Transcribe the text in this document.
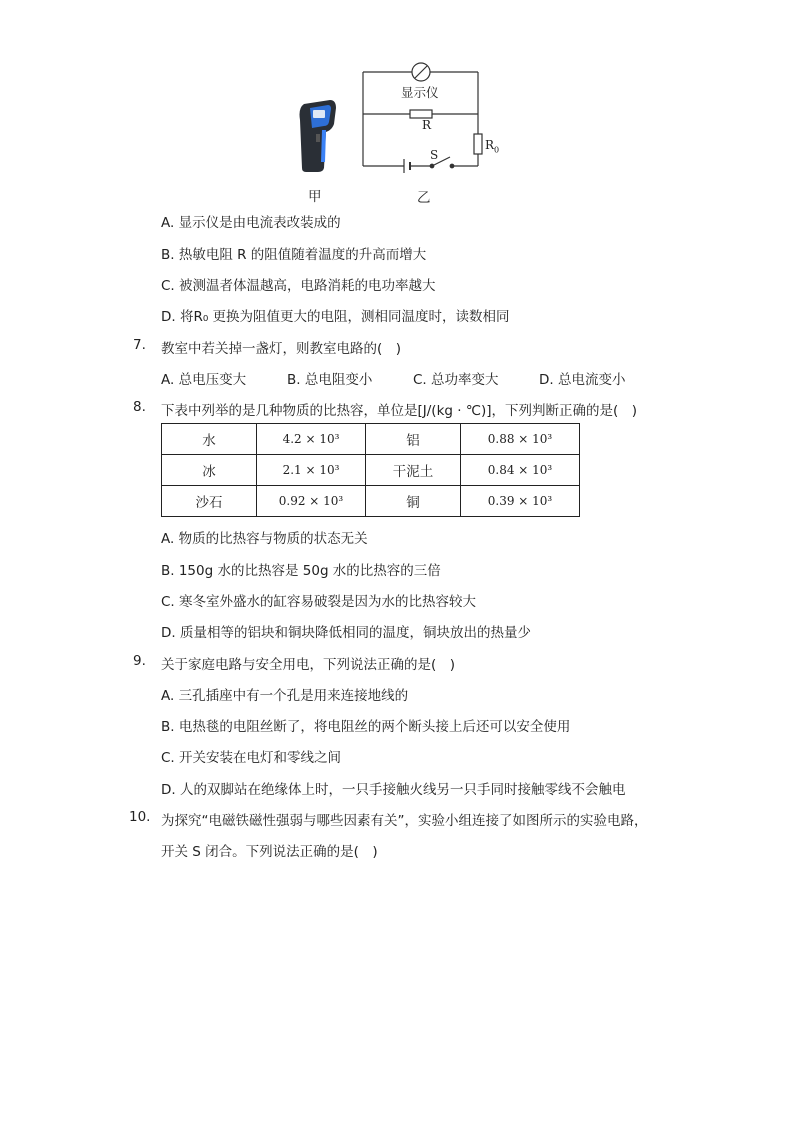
显示仪
R
$R_0$
S
甲	乙
A. 显示仪是由电流表改装成的
B. 热敏电阻 R 的阻值随着温度的升高而增大
C. 被测温者体温越高，电路消耗的电功率越大
D. 将R₀ 更换为阻值更大的电阻，测相同温度时，读数相同
7. 教室中若关掉一盏灯，则教室电路的(　)
A. 总电压变大	B. 总电阻变小	C. 总功率变大	D. 总电流变小
8. 下表中列举的是几种物质的比热容，单位是[J/(kg · ℃)]，下列判断正确的是(　)
水	4.2 × 10³	铝	0.88 × 10³
冰	2.1 × 10³	干泥土	0.84 × 10³
沙石	0.92 × 10³	铜	0.39 × 10³
A. 物质的比热容与物质的状态无关
B. 150g 水的比热容是 50g 水的比热容的三倍
C. 寒冬室外盛水的缸容易破裂是因为水的比热容较大
D. 质量相等的铝块和铜块降低相同的温度，铜块放出的热量少
9. 关于家庭电路与安全用电，下列说法正确的是(　)
A. 三孔插座中有一个孔是用来连接地线的
B. 电热毯的电阻丝断了，将电阻丝的两个断头接上后还可以安全使用
C. 开关安装在电灯和零线之间
D. 人的双脚站在绝缘体上时，一只手接触火线另一只手同时接触零线不会触电
10. 为探究“电磁铁磁性强弱与哪些因素有关”，实验小组连接了如图所示的实验电路，
开关 S 闭合。下列说法正确的是(　)
